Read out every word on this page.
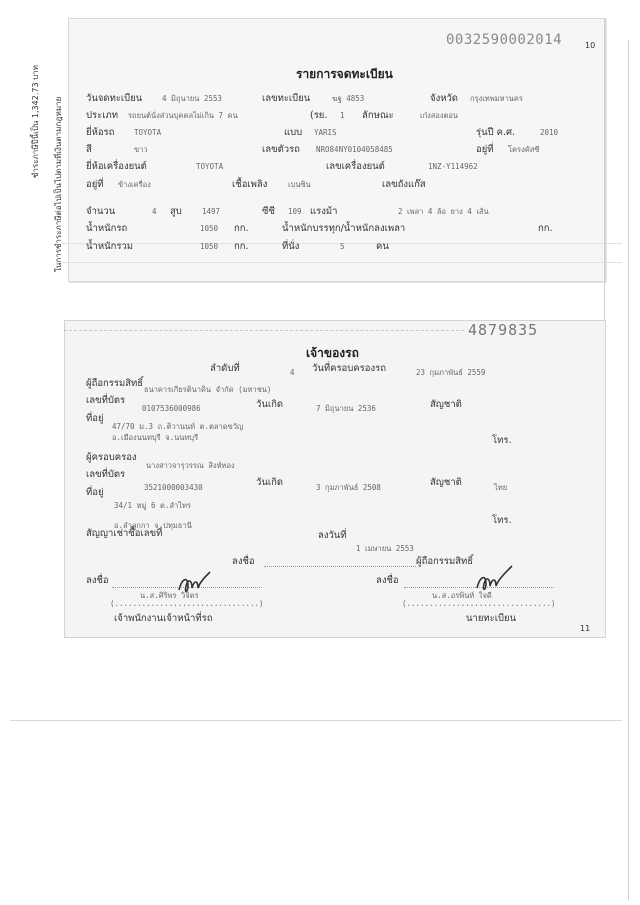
0032590002014	10
ในการชำระภาษีต่อไปเป็นไปตามที่เงินตามกฎหมาย
ชำระภาษีปีนี้เป็น 1,342.73 บาท	รายการจดทะเบียน
วันจดทะเบียน	4 มิถุนายน 2553	เลขทะเบียน	ฆฐ 4853	จังหวัด กรุงเทพมหานคร
ประเภท รถยนต์นั่งส่วนบุคคลไม่เกิน 7 คน	(รย. 1 ลักษณะ	เก๋งสองตอน
ยี่ห้อรถ	TOYOTA	แบบ YARIS	รุ่นปี ค.ศ.	2010
สี	ขาว	เลขตัวรถ NRO84NY0104058485	อยู่ที่ โครงคัสซี
ยี่ห้อเครื่องยนต์	TOYOTA	เลขเครื่องยนต์	1NZ-Y114962
อยู่ที่ ข้างเครื่อง	เชื้อเพลิง	เบนซิน	เลขถังแก๊ส
จำนวน	4 สูบ	1497	ซีซี 109 แรงม้า	2 เพลา 4 ล้อ ยาง 4 เส้น
น้ำหนักรถ	1050 กก.	น้ำหนักบรรทุก/น้ำหนักลงเพลา	กก.
น้ำหนักรวม	1050 กก.	ที่นั่ง	5	คน
4879835
เจ้าของรถ
ลำดับที่	4 วันที่ครอบครองรถ	23 กุมภาพันธ์ 2559
ผู้ถือกรรมสิทธิ์
ธนาคารเกียรตินาคิน จำกัด (มหาชน)
เลขที่บัตร
0107536000986	วันเกิด	7 มิถุนายน 2536	สัญชาติ
ที่อยู่
47/70 ม.3 ถ.ติวานนท์ ต.ตลาดขวัญ
อ.เมืองนนทบุรี จ.นนทบุรี	โทร.
ผู้ครอบครอง
นางสาวจารุวรรณ สิงห์ทอง
เลขที่บัตร
3521000003430	วันเกิด	3 กุมภาพันธ์ 2508	สัญชาติ	ไทย
ที่อยู่
34/1 หมู่ 6 ต.ลำไทร
อ.ลำลูกกา จ.ปทุมธานี	โทร.
สัญญาเช่าซื้อเลขที่	ลงวันที่
1 เมษายน 2553
ลงชื่อ	ผู้ถือกรรมสิทธิ์
ลงชื่อ
น.ส.ศิริพร วิจิตร
(................................)
เจ้าพนักงานเจ้าหน้าที่รถ
ลงชื่อ
น.ส.อรพินท์ ใจดี
(................................)
นายทะเบียน
11
